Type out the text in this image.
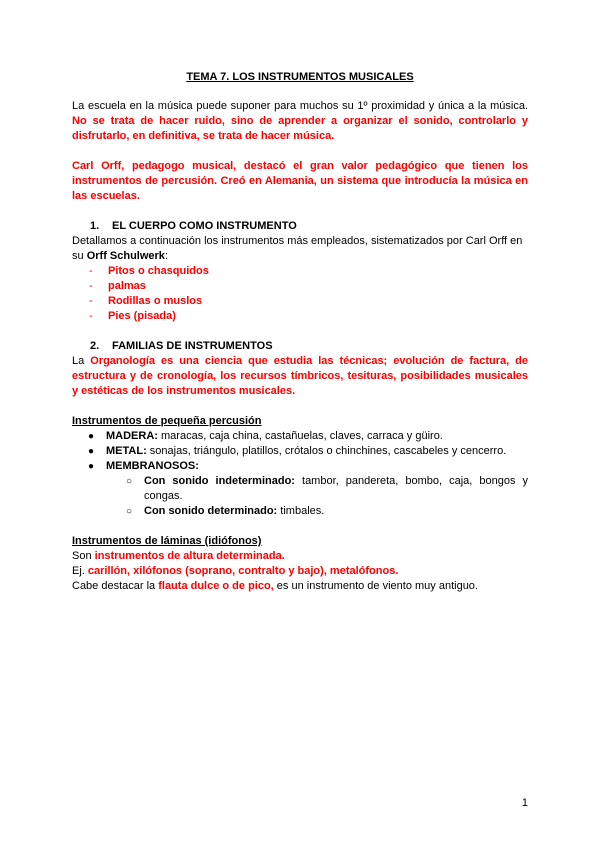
TEMA 7. LOS INSTRUMENTOS MUSICALES

La escuela en la música puede suponer para muchos su 1º proximidad y única a la música. No se trata de hacer ruido, sino de aprender a organizar el sonido, controlarlo y disfrutarlo, en definitiva, se trata de hacer música.

Carl Orff, pedagogo musical, destacó el gran valor pedagógico que tienen los instrumentos de percusión. Creó en Alemania, un sistema que introducía la música en las escuelas.

1.	EL CUERPO COMO INSTRUMENTO

Detallamos a continuación los instrumentos más empleados, sistematizados por Carl Orff en su Orff Schulwerk:

-	Pitos o chasquidos
-	palmas
-	Rodillas o muslos
-	Pies (pisada)
2.	FAMILIAS DE INSTRUMENTOS

La Organología es una ciencia que estudia las técnicas; evolución de factura, de estructura y de cronología, los recursos tímbricos, tesituras, posibilidades musicales y estéticas de los instrumentos musicales.

Instrumentos de pequeña percusión

●	MADERA: maracas, caja china, castañuelas, claves, carraca y güiro.
●	METAL: sonajas, triángulo, platillos, crótalos o chinchines, cascabeles y cencerro.
●	MEMBRANOSOS:
○	Con sonido indeterminado: tambor, pandereta, bombo, caja, bongos y congas.
○	Con sonido determinado: timbales.

Instrumentos de láminas (idiófonos)

Son instrumentos de altura determinada.

Ej. carillón, xilófonos (soprano, contralto y bajo), metalófonos.

Cabe destacar la flauta dulce o de pico, es un instrumento de viento muy antiguo.

1
